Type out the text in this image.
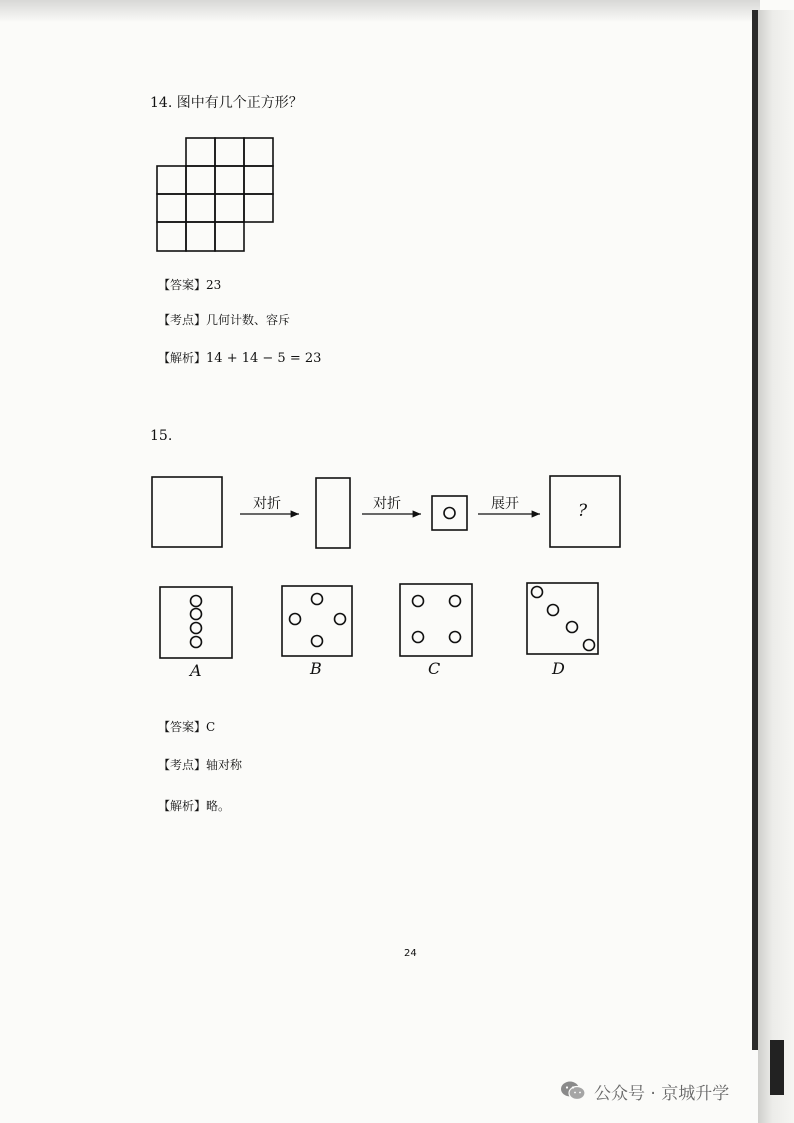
14. 图中有几个正方形？
【答案】23
【考点】几何计数、容斥
【解析】14 + 14 − 5 = 23
15.
对折	对折	展开	?
A	B	C	D
【答案】C
【考点】轴对称
【解析】略。
24
公众号 · 京城升学
